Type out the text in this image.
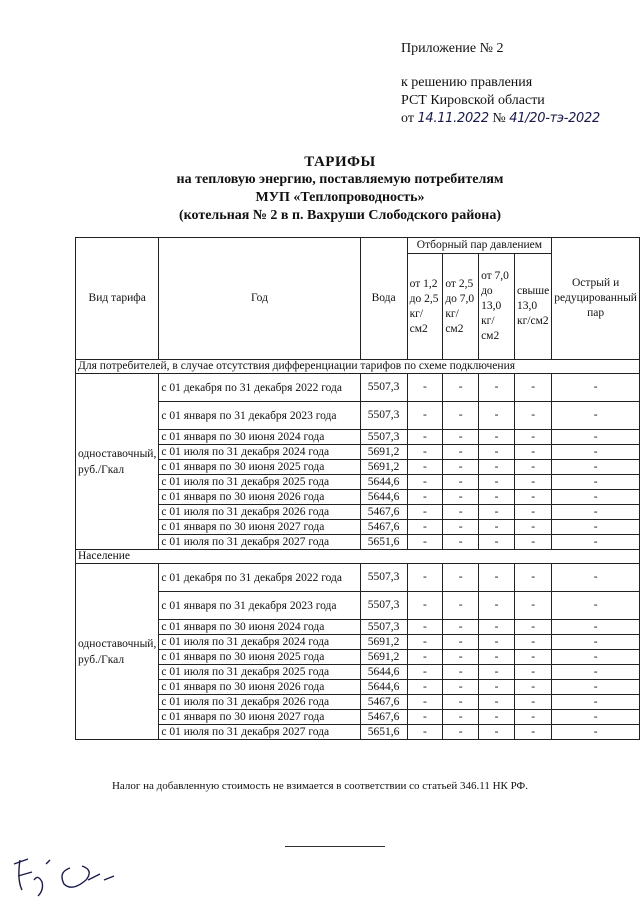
Приложение № 2
к решению правления
РСТ Кировской области
от 14.11.2022 № 41/20-тэ-2022
ТАРИФЫ
на тепловую энергию, поставляемую потребителям
МУП «Теплопроводность»
(котельная № 2 в п. Вахруши Слободского района)
Вид тарифа	Год	Вода	Отборный пар давлением				Острый и редуцированный пар
			от 1,2 до 2,5 кг/см2	от 2,5 до 7,0 кг/см2	от 7,0 до 13,0 кг/см2	свыше 13,0 кг/см2	
Для потребителей, в случае отсутствия дифференциации тарифов по схеме подключения							
одноставочный, руб./Гкал	с 01 декабря по 31 декабря 2022 года	5507,3	-	-	-	-	-
	с 01 января по 31 декабря 2023 года	5507,3	-	-	-	-	-
	с 01 января по 30 июня 2024 года	5507,3	-	-	-	-	-
	с 01 июля по 31 декабря 2024 года	5691,2	-	-	-	-	-
	с 01 января по 30 июня 2025 года	5691,2	-	-	-	-	-
	с 01 июля по 31 декабря 2025 года	5644,6	-	-	-	-	-
	с 01 января по 30 июня 2026 года	5644,6	-	-	-	-	-
	с 01 июля по 31 декабря 2026 года	5467,6	-	-	-	-	-
	с 01 января по 30 июня 2027 года	5467,6	-	-	-	-	-
	с 01 июля по 31 декабря 2027 года	5651,6	-	-	-	-	-
Население							
одноставочный, руб./Гкал	с 01 декабря по 31 декабря 2022 года	5507,3	-	-	-	-	-
	с 01 января по 31 декабря 2023 года	5507,3	-	-	-	-	-
	с 01 января по 30 июня 2024 года	5507,3	-	-	-	-	-
	с 01 июля по 31 декабря 2024 года	5691,2	-	-	-	-	-
	с 01 января по 30 июня 2025 года	5691,2	-	-	-	-	-
	с 01 июля по 31 декабря 2025 года	5644,6	-	-	-	-	-
	с 01 января по 30 июня 2026 года	5644,6	-	-	-	-	-
	с 01 июля по 31 декабря 2026 года	5467,6	-	-	-	-	-
	с 01 января по 30 июня 2027 года	5467,6	-	-	-	-	-
	с 01 июля по 31 декабря 2027 года	5651,6	-	-	-	-	-
Налог на добавленную стоимость не взимается в соответствии со статьей 346.11 НК РФ.
